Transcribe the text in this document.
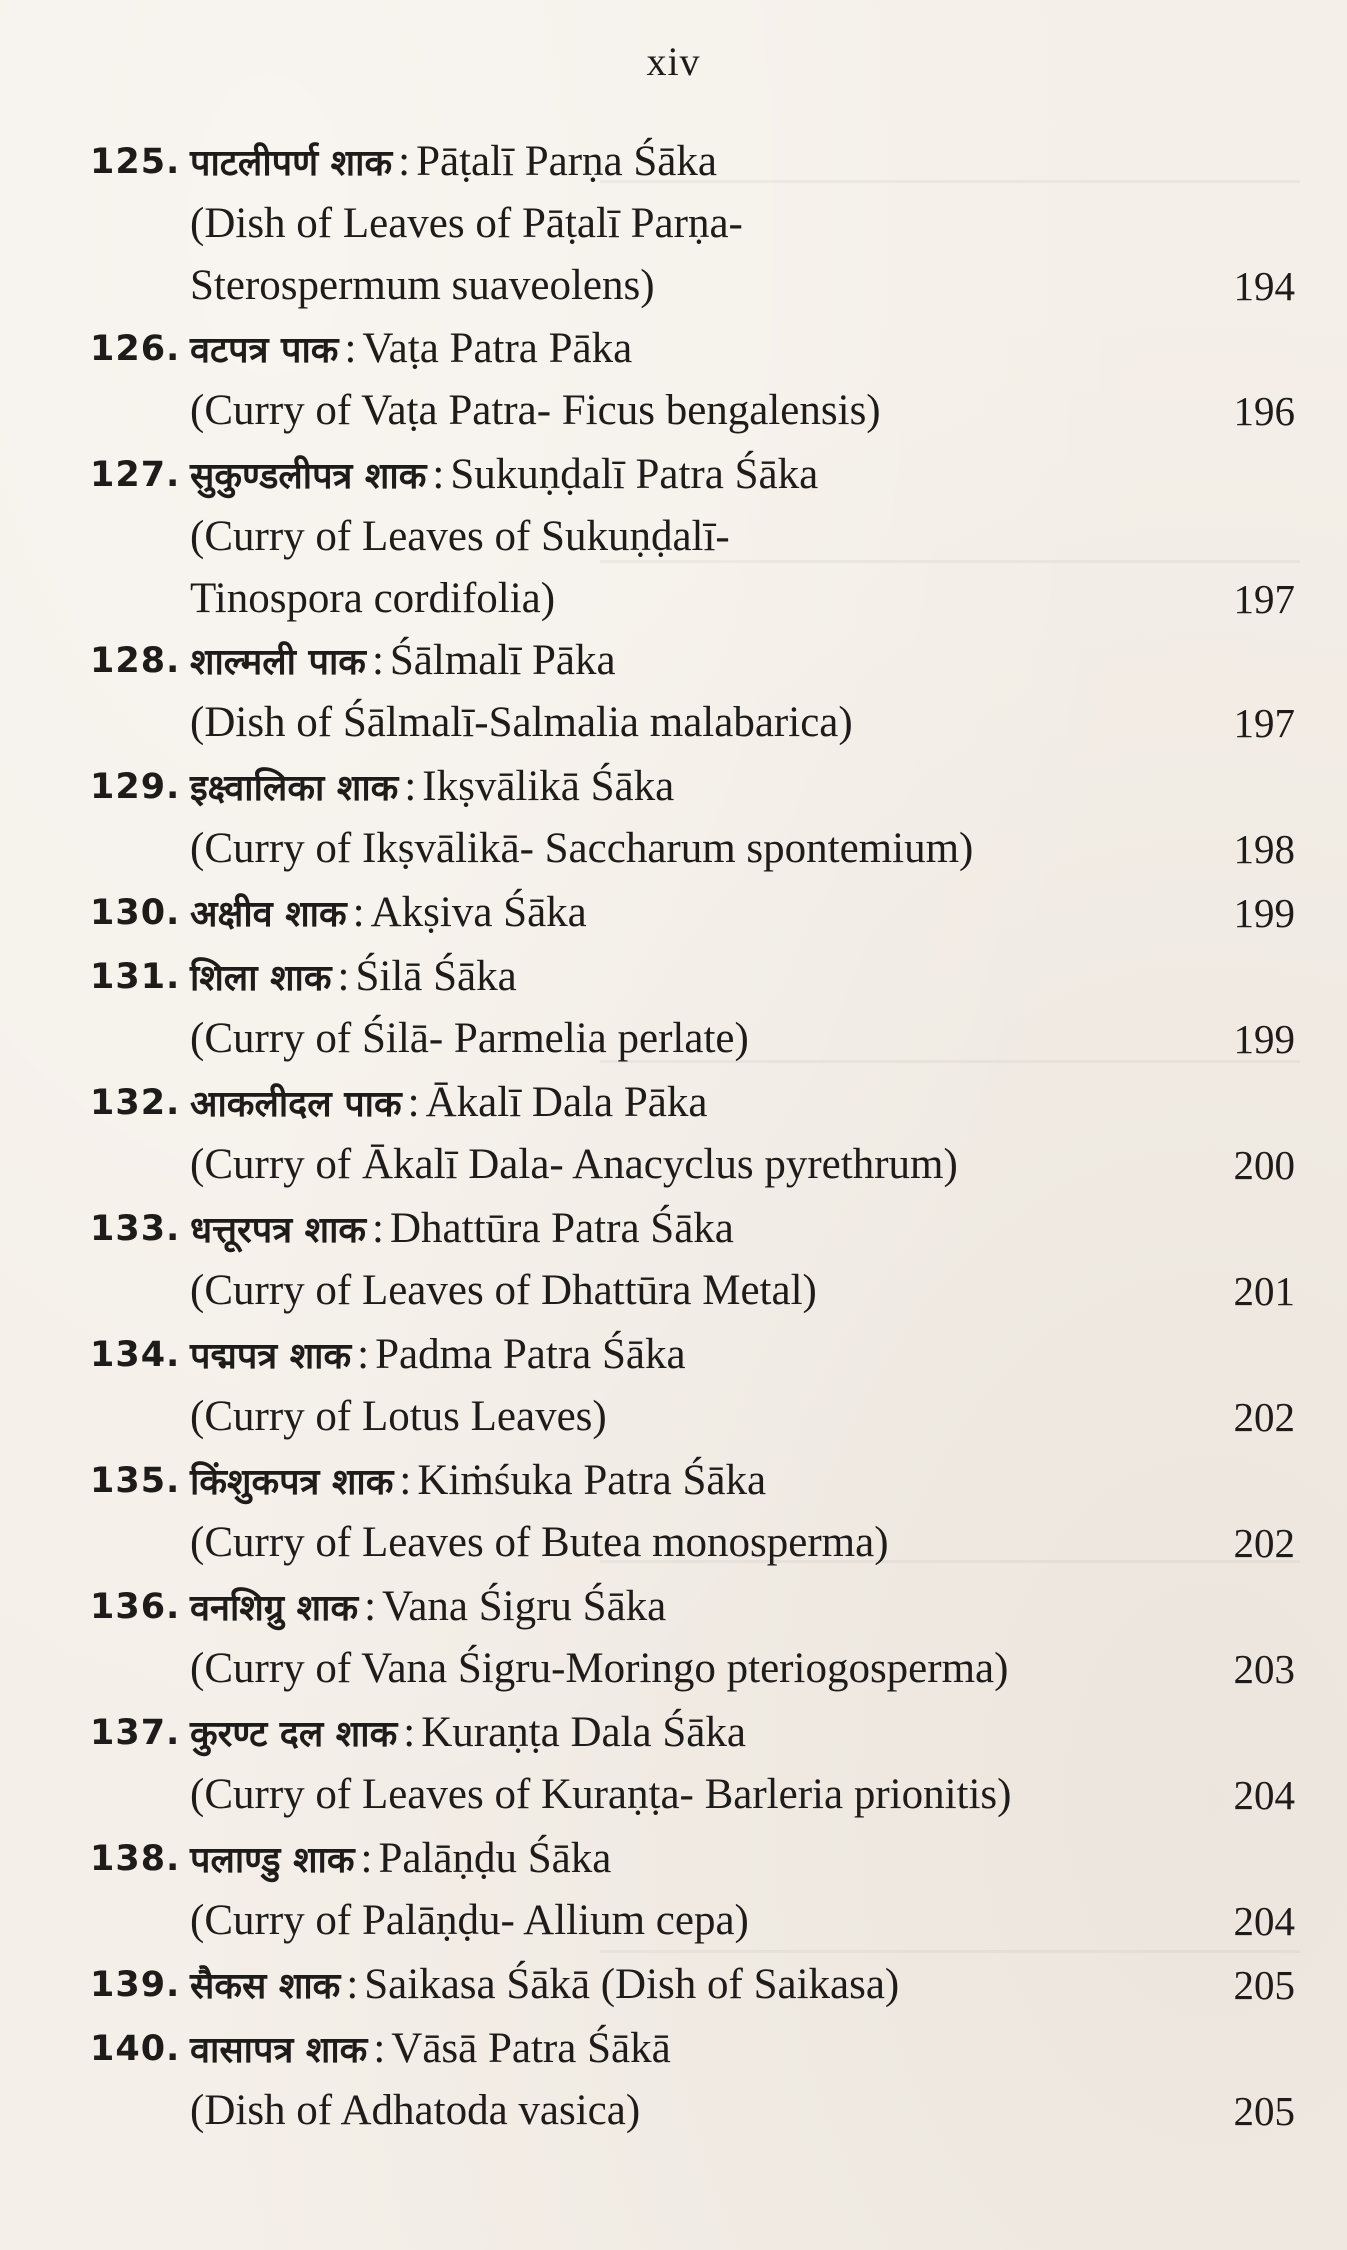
xiv
125. पाटलीपर्ण शाक : Pāṭalī Parṇa Śāka
(Dish of Leaves of Pāṭalī Parṇa-
Sterospermum suaveolens)	194
126. वटपत्र पाक : Vaṭa Patra Pāka
(Curry of Vaṭa Patra- Ficus bengalensis)	196
127. सुकुण्डलीपत्र शाक : Sukuṇḍalī Patra Śāka
(Curry of Leaves of Sukuṇḍalī-
Tinospora cordifolia)	197
128. शाल्मली पाक : Śālmalī Pāka
(Dish of Śālmalī-Salmalia malabarica)	197
129. इक्ष्वालिका शाक : Ikṣvālikā Śāka
(Curry of Ikṣvālikā- Saccharum spontemium)	198
130. अक्षीव शाक : Akṣiva Śāka	199
131. शिला शाक : Śilā Śāka
(Curry of Śilā- Parmelia perlate)	199
132. आकलीदल पाक : Ākalī Dala Pāka
(Curry of Ākalī Dala- Anacyclus pyrethrum)	200
133. धत्तूरपत्र शाक : Dhattūra Patra Śāka
(Curry of Leaves of Dhattūra Metal)	201
134. पद्मपत्र शाक : Padma Patra Śāka
(Curry of Lotus Leaves)	202
135. किंशुकपत्र शाक : Kiṁśuka Patra Śāka
(Curry of Leaves of Butea monosperma)	202
136. वनशिग्रु शाक : Vana Śigru Śāka
(Curry of Vana Śigru-Moringo pteriogosperma)	203
137. कुरण्ट दल शाक : Kuraṇṭa Dala Śāka
(Curry of Leaves of Kuraṇṭa- Barleria prionitis)	204
138. पलाण्डु शाक : Palāṇḍu Śāka
(Curry of Palāṇḍu- Allium cepa)	204
139. सैकस शाक : Saikasa Śākā (Dish of Saikasa)	205
140. वासापत्र शाक : Vāsā Patra Śākā
(Dish of Adhatoda vasica)	205
